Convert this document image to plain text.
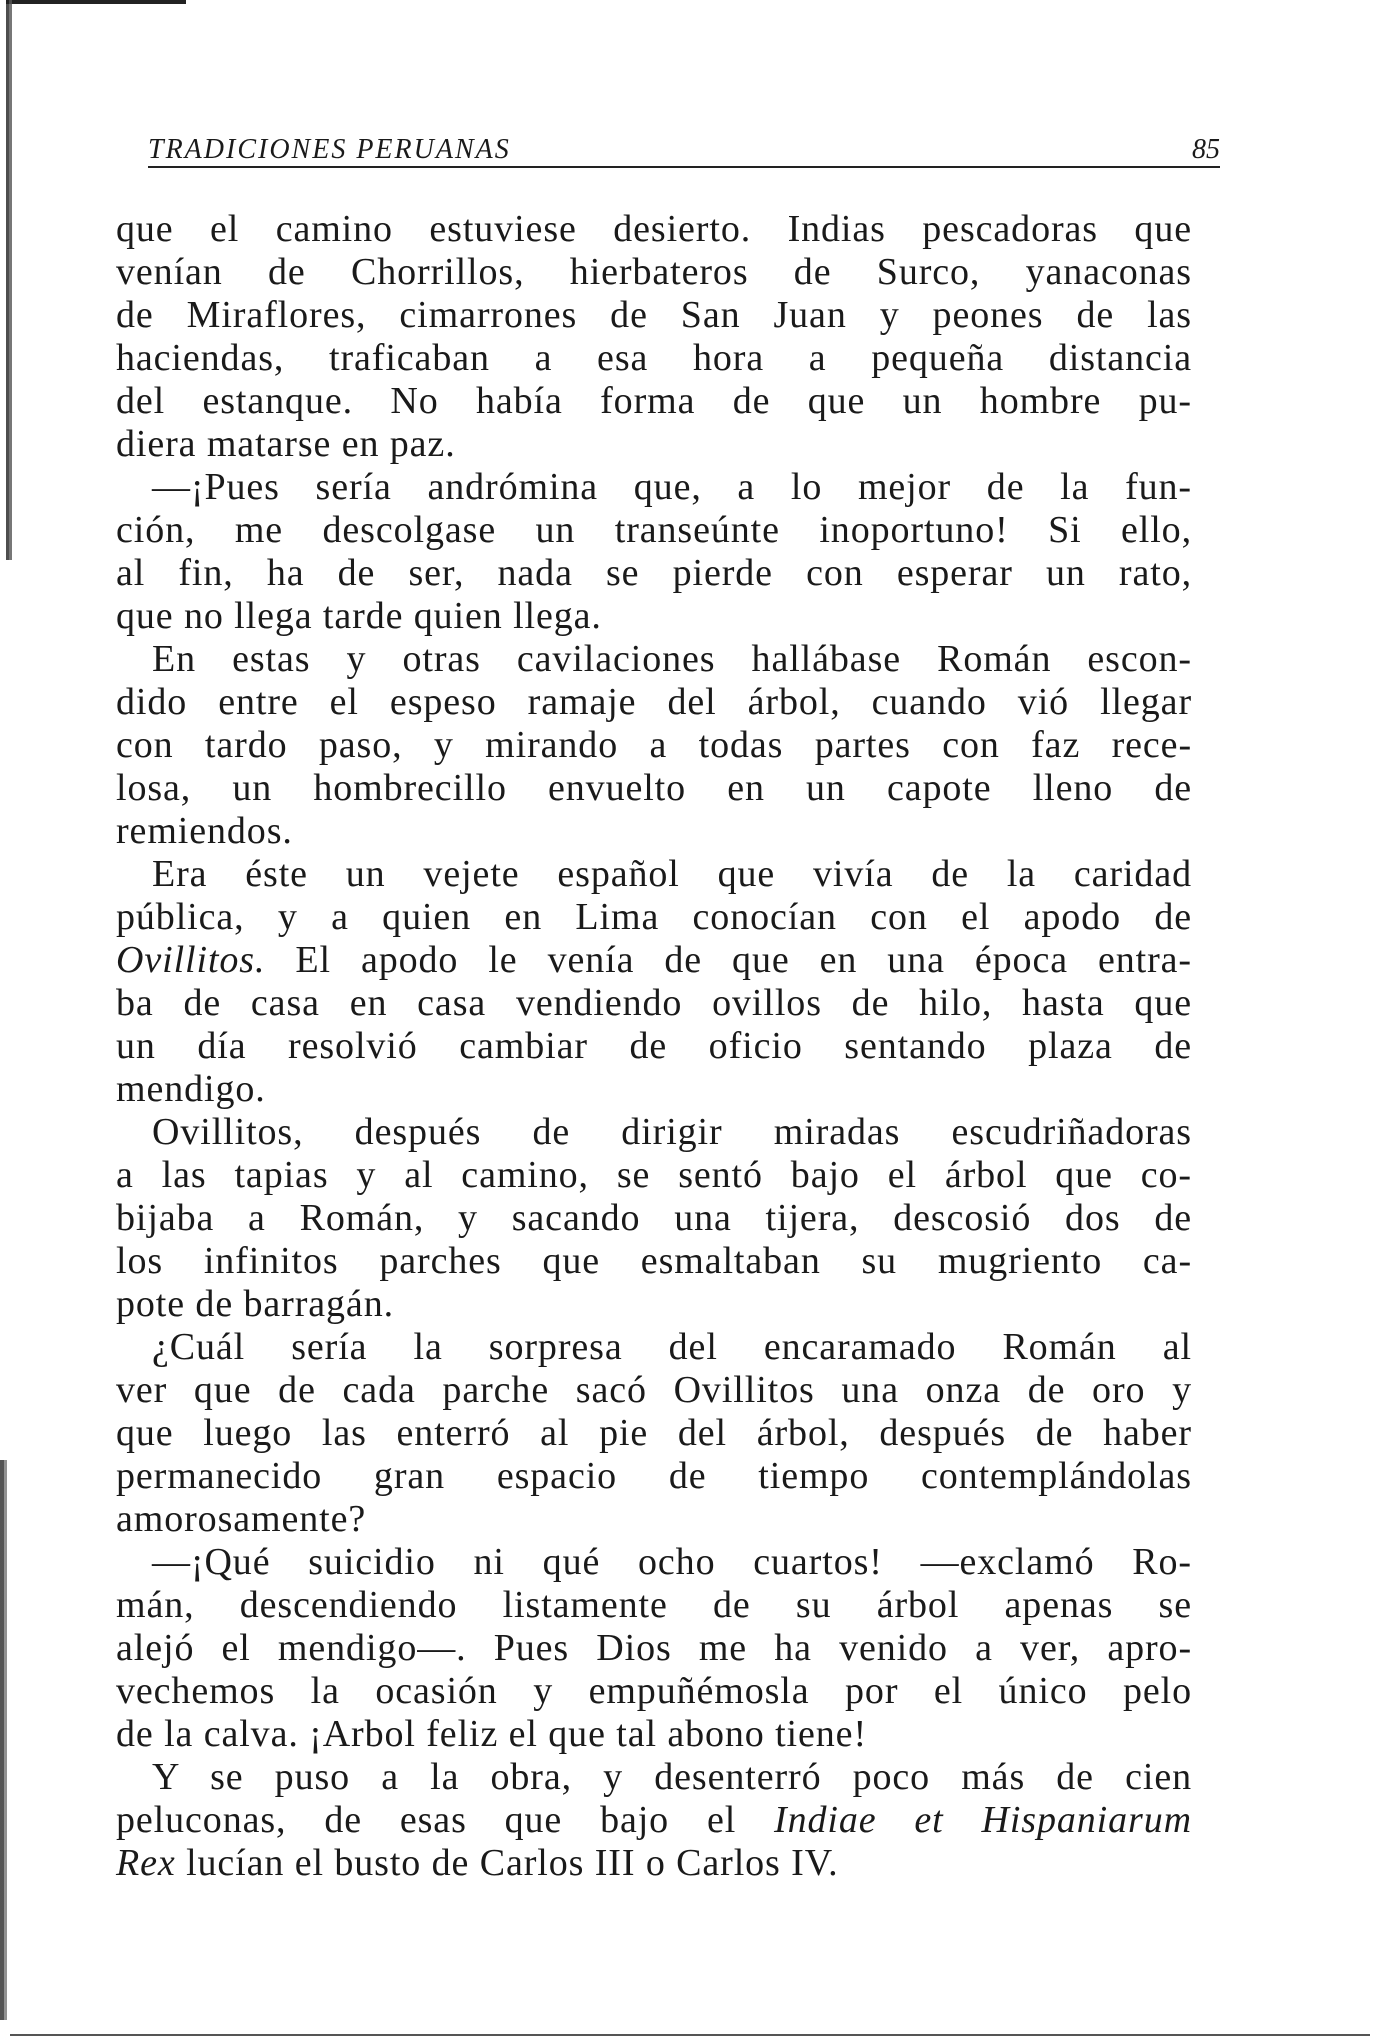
TRADICIONES PERUANAS	85
que el camino estuviese desierto. Indias pescadoras que
venían de Chorrillos, hierbateros de Surco, yanaconas
de Miraflores, cimarrones de San Juan y peones de las
haciendas, traficaban a esa hora a pequeña distancia
del estanque. No había forma de que un hombre pu-
diera matarse en paz.
—¡Pues sería andrómina que, a lo mejor de la fun-
ción, me descolgase un transeúnte inoportuno! Si ello,
al fin, ha de ser, nada se pierde con esperar un rato,
que no llega tarde quien llega.
En estas y otras cavilaciones hallábase Román escon-
dido entre el espeso ramaje del árbol, cuando vió llegar
con tardo paso, y mirando a todas partes con faz rece-
losa, un hombrecillo envuelto en un capote lleno de
remiendos.
Era éste un vejete español que vivía de la caridad
pública, y a quien en Lima conocían con el apodo de
Ovillitos. El apodo le venía de que en una época entra-
ba de casa en casa vendiendo ovillos de hilo, hasta que
un día resolvió cambiar de oficio sentando plaza de
mendigo.
Ovillitos, después de dirigir miradas escudriñadoras
a las tapias y al camino, se sentó bajo el árbol que co-
bijaba a Román, y sacando una tijera, descosió dos de
los infinitos parches que esmaltaban su mugriento ca-
pote de barragán.
¿Cuál sería la sorpresa del encaramado Román al
ver que de cada parche sacó Ovillitos una onza de oro y
que luego las enterró al pie del árbol, después de haber
permanecido gran espacio de tiempo contemplándolas
amorosamente?
—¡Qué suicidio ni qué ocho cuartos! —exclamó Ro-
mán, descendiendo listamente de su árbol apenas se
alejó el mendigo—. Pues Dios me ha venido a ver, apro-
vechemos la ocasión y empuñémosla por el único pelo
de la calva. ¡Arbol feliz el que tal abono tiene!
Y se puso a la obra, y desenterró poco más de cien
peluconas, de esas que bajo el Indiae et Hispaniarum
Rex lucían el busto de Carlos III o Carlos IV.
